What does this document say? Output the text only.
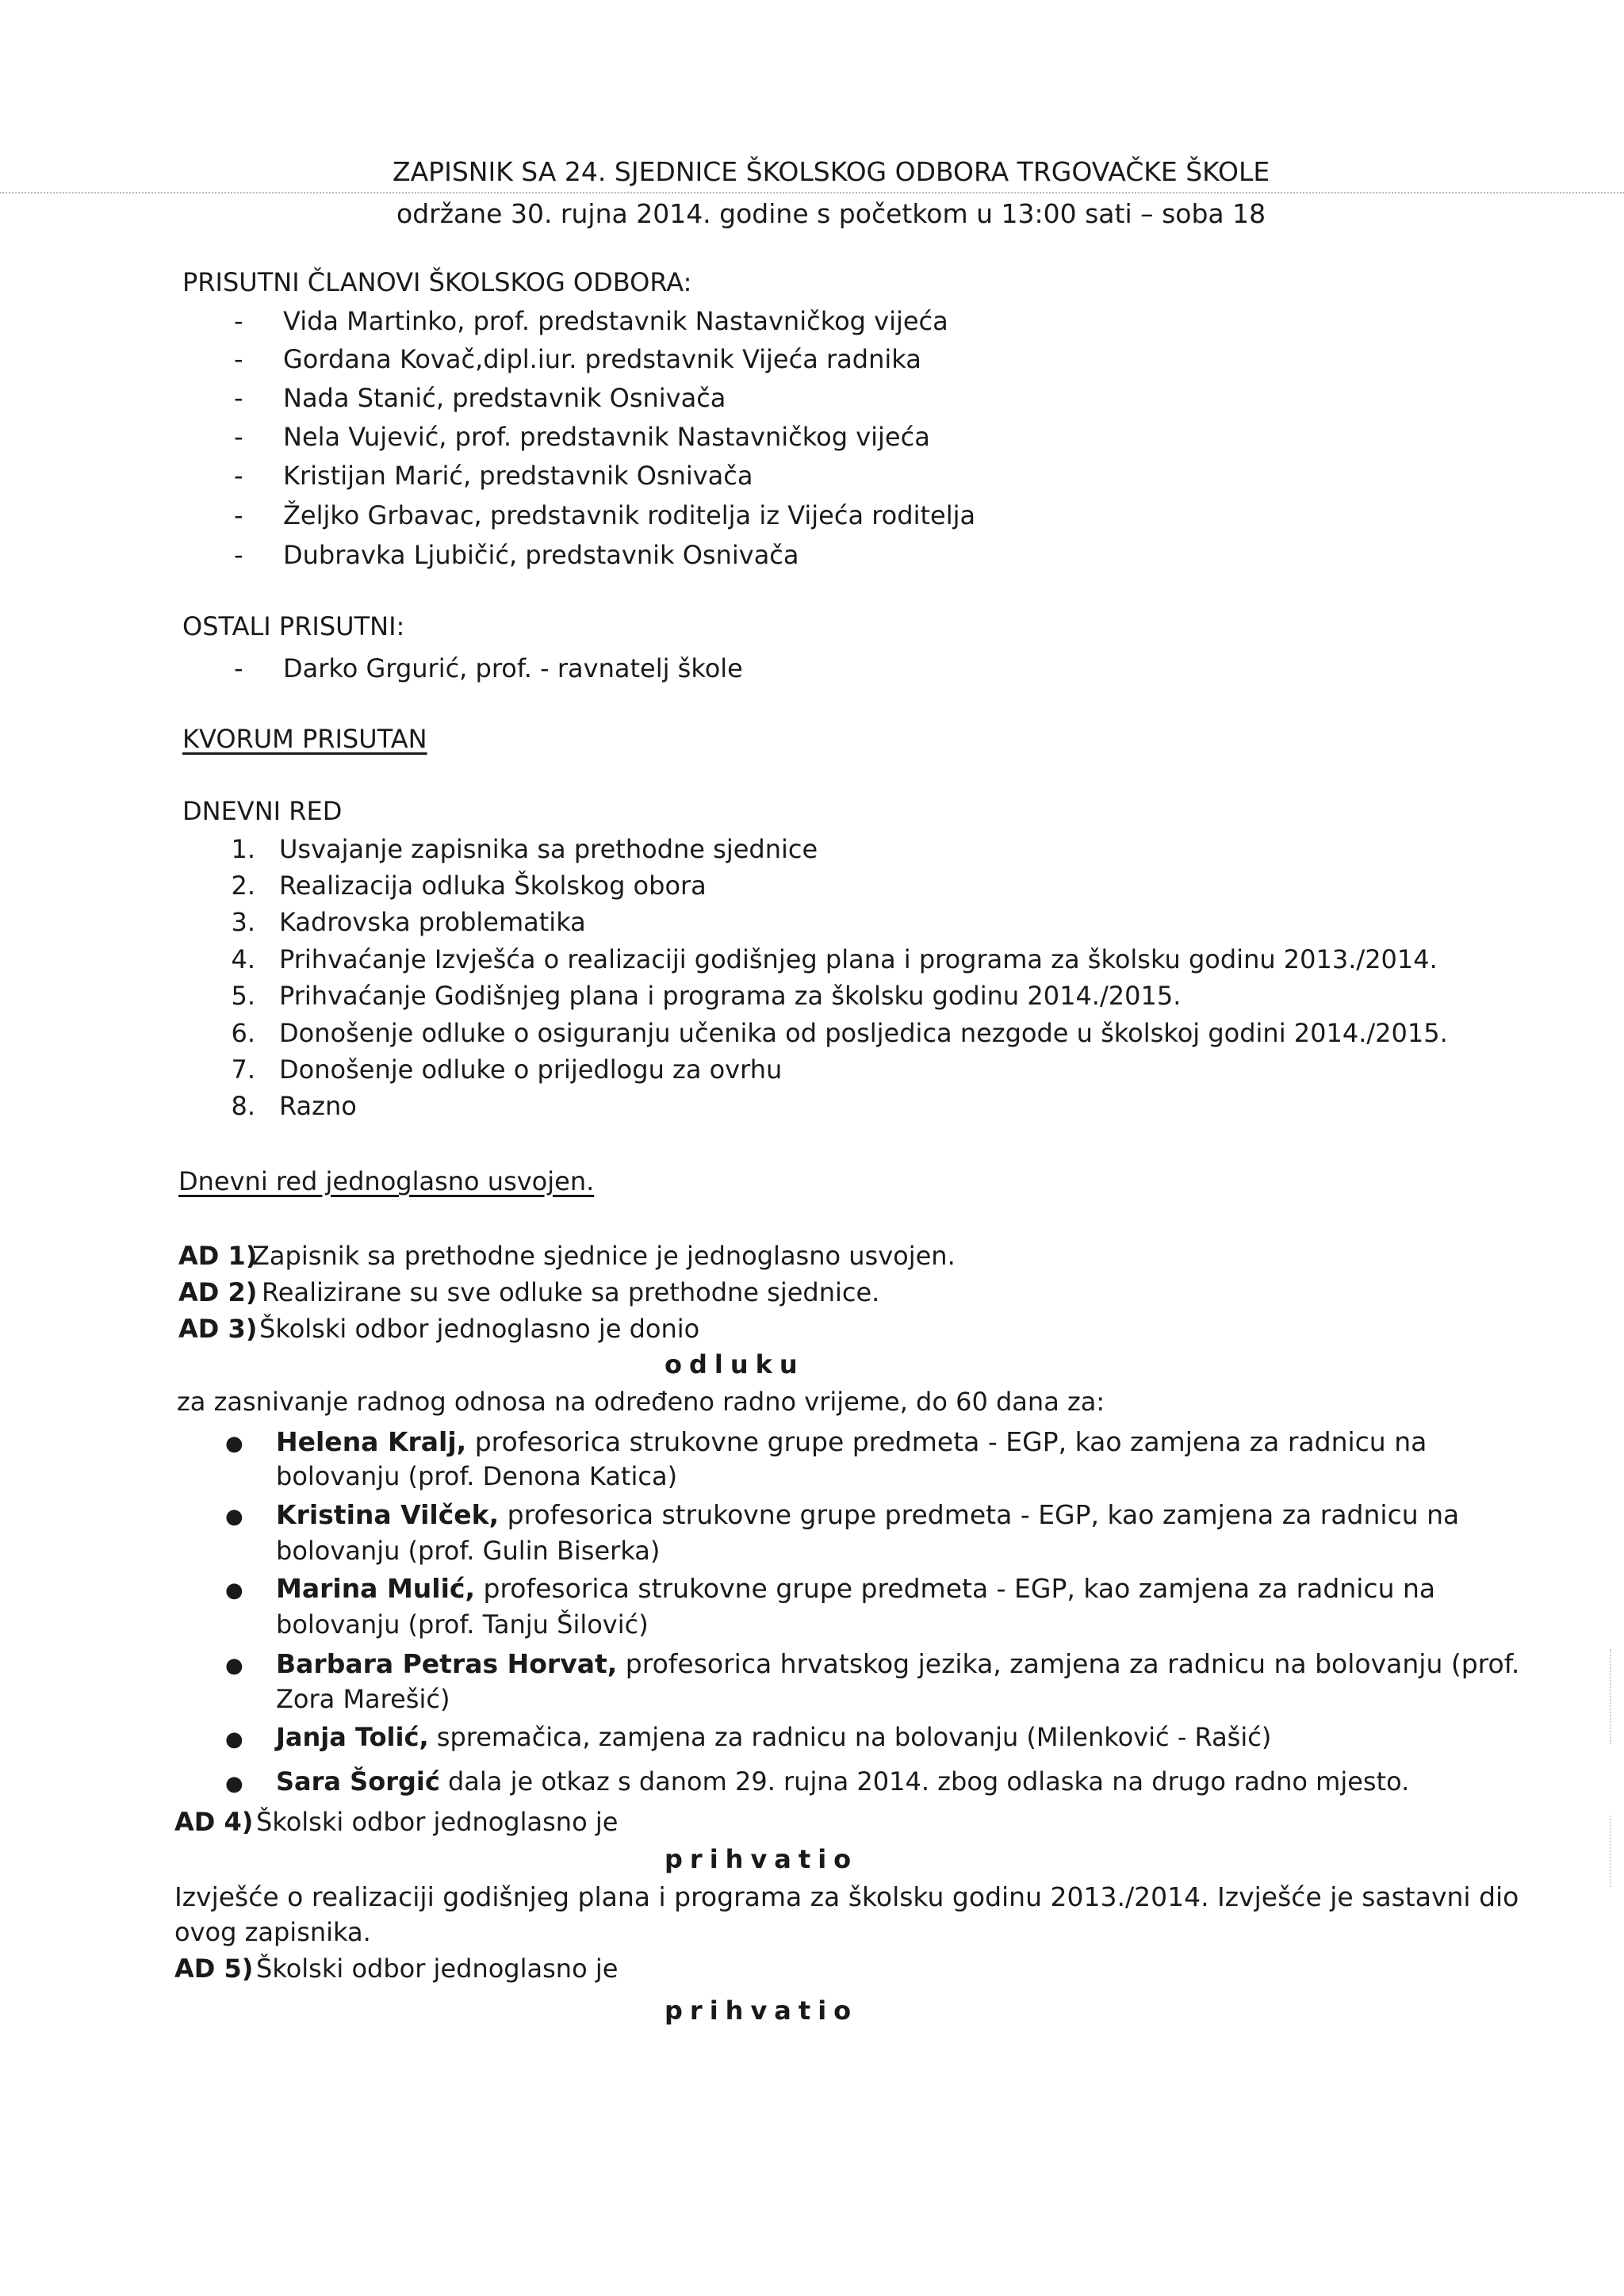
ZAPISNIK SA 24. SJEDNICE ŠKOLSKOG ODBORA TRGOVAČKE ŠKOLE
održane 30. rujna 2014. godine s početkom u 13:00 sati – soba 18
PRISUTNI ČLANOVI ŠKOLSKOG ODBORA:
- Vida Martinko, prof. predstavnik Nastavničkog vijeća
- Gordana Kovač,dipl.iur. predstavnik Vijeća radnika
- Nada Stanić, predstavnik Osnivača
- Nela Vujević, prof. predstavnik Nastavničkog vijeća
- Kristijan Marić, predstavnik Osnivača
- Željko Grbavac, predstavnik roditelja iz Vijeća roditelja
- Dubravka Ljubičić, predstavnik Osnivača
OSTALI PRISUTNI:
- Darko Grgurić, prof. - ravnatelj škole
KVORUM PRISUTAN
DNEVNI RED
1. Usvajanje zapisnika sa prethodne sjednice
2. Realizacija odluka Školskog obora
3. Kadrovska problematika
4. Prihvaćanje Izvješća o realizaciji godišnjeg plana i programa za školsku godinu 2013./2014.
5. Prihvaćanje Godišnjeg plana i programa za školsku godinu 2014./2015.
6. Donošenje odluke o osiguranju učenika od posljedica nezgode u školskoj godini 2014./2015.
7. Donošenje odluke o prijedlogu za ovrhu
8. Razno
Dnevni red jednoglasno usvojen.
AD 1)
Zapisnik sa prethodne sjednice je jednoglasno usvojen.
AD 2) Realizirane su sve odluke sa prethodne sjednice.
AD 3) Školski odbor jednoglasno je donio
odluku
za zasnivanje radnog odnosa na određeno radno vrijeme, do 60 dana za:
● Helena Kralj, profesorica strukovne grupe predmeta - EGP, kao zamjena za radnicu na
bolovanju (prof. Denona Katica)
● Kristina Vilček, profesorica strukovne grupe predmeta - EGP, kao zamjena za radnicu na
bolovanju (prof. Gulin Biserka)
● Marina Mulić, profesorica strukovne grupe predmeta - EGP, kao zamjena za radnicu na
bolovanju (prof. Tanju Šilović)
● Barbara Petras Horvat, profesorica hrvatskog jezika, zamjena za radnicu na bolovanju (prof.
Zora Marešić)
● Janja Tolić, spremačica, zamjena za radnicu na bolovanju (Milenković - Rašić)
● Sara Šorgić dala je otkaz s danom 29. rujna 2014. zbog odlaska na drugo radno mjesto.
AD 4) Školski odbor jednoglasno je
prihvatio
Izvješće o realizaciji godišnjeg plana i programa za školsku godinu 2013./2014. Izvješće je sastavni dio
ovog zapisnika.
AD 5) Školski odbor jednoglasno je
prihvatio
